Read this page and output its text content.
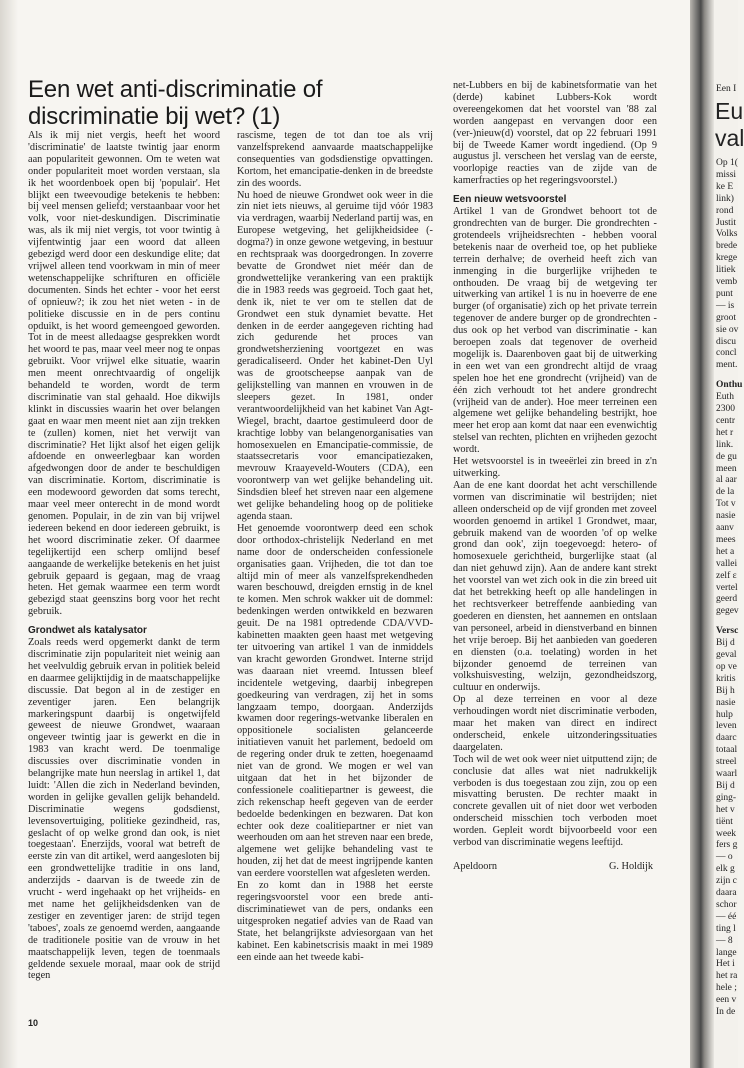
Een wet anti-discriminatie of discriminatie bij wet? (1)

Als ik mij niet vergis, heeft het woord 'discriminatie' de laatste twintig jaar enorm aan populariteit gewonnen. Om te weten wat onder populariteit moet worden verstaan, sla ik het woordenboek open bij 'populair'. Het blijkt een tweevoudige betekenis te hebben: bij veel mensen geliefd; verstaanbaar voor het volk, voor niet-deskundigen. Discriminatie was, als ik mij niet vergis, tot voor twintig à vijfentwintig jaar een woord dat alleen gebezigd werd door een deskundige elite; dat vrijwel alleen tend voorkwam in min of meer wetenschappelijke schrifturen en officiële documenten. Sinds het echter - voor het eerst of opnieuw?; ik zou het niet weten - in de politieke discussie en in de pers continu opduikt, is het woord gemeengoed geworden. Tot in de meest alledaagse gesprekken wordt het woord te pas, maar veel meer nog te onpas gebruikt. Voor vrijwel elke situatie, waarin men meent onrechtvaardig of ongelijk behandeld te worden, wordt de term discriminatie van stal gehaald. Hoe dikwijls klinkt in discussies waarin het over belangen gaat en waar men meent niet aan zijn trekken te (zullen) komen, niet het verwijt van discriminatie? Het lijkt alsof het eigen gelijk afdoende en onweerlegbaar kan worden afgedwongen door de ander te beschuldigen van discriminatie. Kortom, discriminatie is een modewoord geworden dat soms terecht, maar veel meer onterecht in de mond wordt genomen. Populair, in de zin van bij vrijwel iedereen bekend en door iedereen gebruikt, is het woord discriminatie zeker. Of daarmee tegelijkertijd een scherp omlijnd besef aangaande de werkelijke betekenis en het juist gebruik gepaard is gegaan, mag de vraag heten. Het gemak waarmee een term wordt gebezigd staat geenszins borg voor het recht gebruik.

Grondwet als katalysator

Zoals reeds werd opgemerkt dankt de term discriminatie zijn populariteit niet weinig aan het veelvuldig gebruik ervan in politiek beleid en daarmee gelijktijdig in de maatschappelijke discussie. Dat begon al in de zestiger en zeventiger jaren. Een belangrijk markeringspunt daarbij is ongetwijfeld geweest de nieuwe Grondwet, waaraan ongeveer twintig jaar is gewerkt en die in 1983 van kracht werd. De toenmalige discussies over discriminatie vonden in belangrijke mate hun neerslag in artikel 1, dat luidt: 'Allen die zich in Nederland bevinden, worden in gelijke gevallen gelijk behandeld. Discriminatie wegens godsdienst, levensovertuiging, politieke gezindheid, ras, geslacht of op welke grond dan ook, is niet toegestaan'. Enerzijds, vooral wat betreft de eerste zin van dit artikel, werd aangesloten bij een grondwettelijke traditie in ons land, anderzijds - daarvan is de tweede zin de vrucht - werd ingehaakt op het vrijheids- en met name het gelijkheidsdenken van de zestiger en zeventiger jaren: de strijd tegen 'taboes', zoals ze genoemd werden, aangaande de traditionele positie van de vrouw in het maatschappelijk leven, tegen de toenmaals geldende sexuele moraal, maar ook de strijd tegen

rascisme, tegen de tot dan toe als vrij vanzelfsprekend aanvaarde maatschappelijke consequenties van godsdienstige opvattingen. Kortom, het emancipatie-denken in de breedste zin des woords.

Nu hoed de nieuwe Grondwet ook weer in die zin niet iets nieuws, al geruime tijd vóór 1983 via verdragen, waarbij Nederland partij was, en Europese wetgeving, het gelijkheidsidee (-dogma?) in onze gewone wetgeving, in bestuur en rechtspraak was doorgedrongen. In zoverre bevatte de Grondwet niet méér dan de grondwettelijke verankering van een praktijk die in 1983 reeds was gegroeid. Toch gaat het, denk ik, niet te ver om te stellen dat de Grondwet een stuk dynamiet bevatte. Het denken in de eerder aangegeven richting had zich gedurende het proces van grondwetsherziening voortgezet en was geradicaliseerd. Onder het kabinet-Den Uyl was de grootscheepse aanpak van de gelijkstelling van mannen en vrouwen in de sleepers gezet. In 1981, onder verantwoordelijkheid van het kabinet Van Agt-Wiegel, bracht, daartoe gestimuleerd door de krachtige lobby van belangenorganisaties van homosexuelen en Emancipatie-commissie, de staatssecretaris voor emancipatiezaken, mevrouw Kraayeveld-Wouters (CDA), een voorontwerp van wet gelijke behandeling uit. Sindsdien bleef het streven naar een algemene wet gelijke behandeling hoog op de politieke agenda staan.

Het genoemde voorontwerp deed een schok door orthodox-christelijk Nederland en met name door de onderscheiden confessionele organisaties gaan. Vrijheden, die tot dan toe altijd min of meer als vanzelfsprekendheden waren beschouwd, dreigden ernstig in de knel te komen. Men schrok wakker uit de dommel: bedenkingen werden ontwikkeld en bezwaren geuit. De na 1981 optredende CDA/VVD-kabinetten maakten geen haast met wetgeving ter uitvoering van artikel 1 van de inmiddels van kracht geworden Grondwet. Interne strijd was daaraan niet vreemd. Intussen bleef incidentele wetgeving, daarbij inbegrepen goedkeuring van verdragen, zij het in soms langzaam tempo, doorgaan. Anderzijds kwamen door regerings-wetvanke liberalen en oppositionele socialisten gelanceerde initiatieven vanuit het parlement, bedoeld om de regering onder druk te zetten, hoegenaamd niet van de grond. We mogen er wel van uitgaan dat het in het bijzonder de confessionele coalitiepartner is geweest, die zich rekenschap heeft gegeven van de eerder bedoelde bedenkingen en bezwaren. Dat kon echter ook deze coalitiepartner er niet van weerhouden om aan het streven naar een brede, algemene wet gelijke behandeling vast te houden, zij het dat de meest ingrijpende kanten van eerdere voorstellen wat afgesleten werden.

En zo komt dan in 1988 het eerste regeringsvoorstel voor een brede anti-discriminatiewet van de pers, ondanks een uitgesproken negatief advies van de Raad van State, het belangrijkste adviesorgaan van het kabinet. Een kabinetscrisis maakt in mei 1989 een einde aan het tweede kabi-

net-Lubbers en bij de kabinetsformatie van het (derde) kabinet Lubbers-Kok wordt overeengekomen dat het voorstel van '88 zal worden aangepast en vervangen door een (ver-)nieuw(d) voorstel, dat op 22 februari 1991 bij de Tweede Kamer wordt ingediend. (Op 9 augustus jl. verscheen het verslag van de eerste, voorlopige reacties van de zijde van de kamerfracties op het regeringsvoorstel.)

Een nieuw wetsvoorstel

Artikel 1 van de Grondwet behoort tot de grondrechten van de burger. Die grondrechten - grotendeels vrijheidsrechten - hebben vooral betekenis naar de overheid toe, op het publieke terrein derhalve; de overheid heeft zich van inmenging in die burgerlijke vrijheden te onthouden. De vraag bij de wetgeving ter uitwerking van artikel 1 is nu in hoeverre de ene burger (of organisatie) zich op het private terrein tegenover de andere burger op de grondrechten - dus ook op het verbod van discriminatie - kan beroepen zoals dat tegenover de overheid mogelijk is. Daarenboven gaat bij de uitwerking in een wet van een grondrecht altijd de vraag spelen hoe het ene grondrecht (vrijheid) van de één zich verhoudt tot het andere grondrecht (vrijheid van de ander). Hoe meer terreinen een algemene wet gelijke behandeling bestrijkt, hoe meer het erop aan komt dat naar een evenwichtig stelsel van rechten, plichten en vrijheden gezocht wordt.

Het wetsvoorstel is in tweeërlei zin breed in z'n uitwerking.

Aan de ene kant doordat het acht verschillende vormen van discriminatie wil bestrijden; niet alleen onderscheid op de vijf gronden met zoveel woorden genoemd in artikel 1 Grondwet, maar, gebruik makend van de woorden 'of op welke grond dan ook', zijn toegevoegd: hetero- of homosexuele gerichtheid, burgerlijke staat (al dan niet gehuwd zijn). Aan de andere kant strekt het voorstel van wet zich ook in die zin breed uit dat het betrekking heeft op alle handelingen in het rechtsverkeer betreffende aanbieding van goederen en diensten, het aannemen en ontslaan van personeel, arbeid in dienstverband en binnen het vrije beroep. Bij het aanbieden van goederen en diensten (o.a. toelating) worden in het bijzonder genoemd de terreinen van volkshuisvesting, welzijn, gezondheidszorg, cultuur en onderwijs.

Op al deze terreinen en voor al deze verhoudingen wordt niet discriminatie verboden, maar het maken van direct en indirect onderscheid, enkele uitzonderingssituaties daargelaten.

Toch wil de wet ook weer niet uitputtend zijn; de conclusie dat alles wat niet nadrukkelijk verboden is dus toegestaan zou zijn, zou op een misvatting berusten. De rechter maakt in concrete gevallen uit of niet door wet verboden onderscheid misschien toch verboden moet worden. Gepleit wordt bijvoorbeeld voor een verbod van discriminatie wegens leeftijd.

Apeldoorn	G. Holdijk
10
Een I
Eu
val
Op 1(
missi
ke E
link)
rond
Justit
Volks
brede
krege
litiek
vemb
punt
— is
groot
sie ov
discu
concl
ment.
Onthu
Euth
2300
centr
het r
link.
de gu
meen
al aar
de la
Tot v
nasie
aanv
mees
het a
vallei
zelf ε
vertel
geerd
gegev
Versc
Bij d
geval
op ve
kritis
Bij h
nasie
hulp
leven
daarc
totaal
streel
waarl
Bij d
ging-
het v
tiënt
week
fers g
— o
elk g
zijn c
daara
schor
— éé
ting l
— 8
lange
Het i
het ra
hele ;
een v
In de
